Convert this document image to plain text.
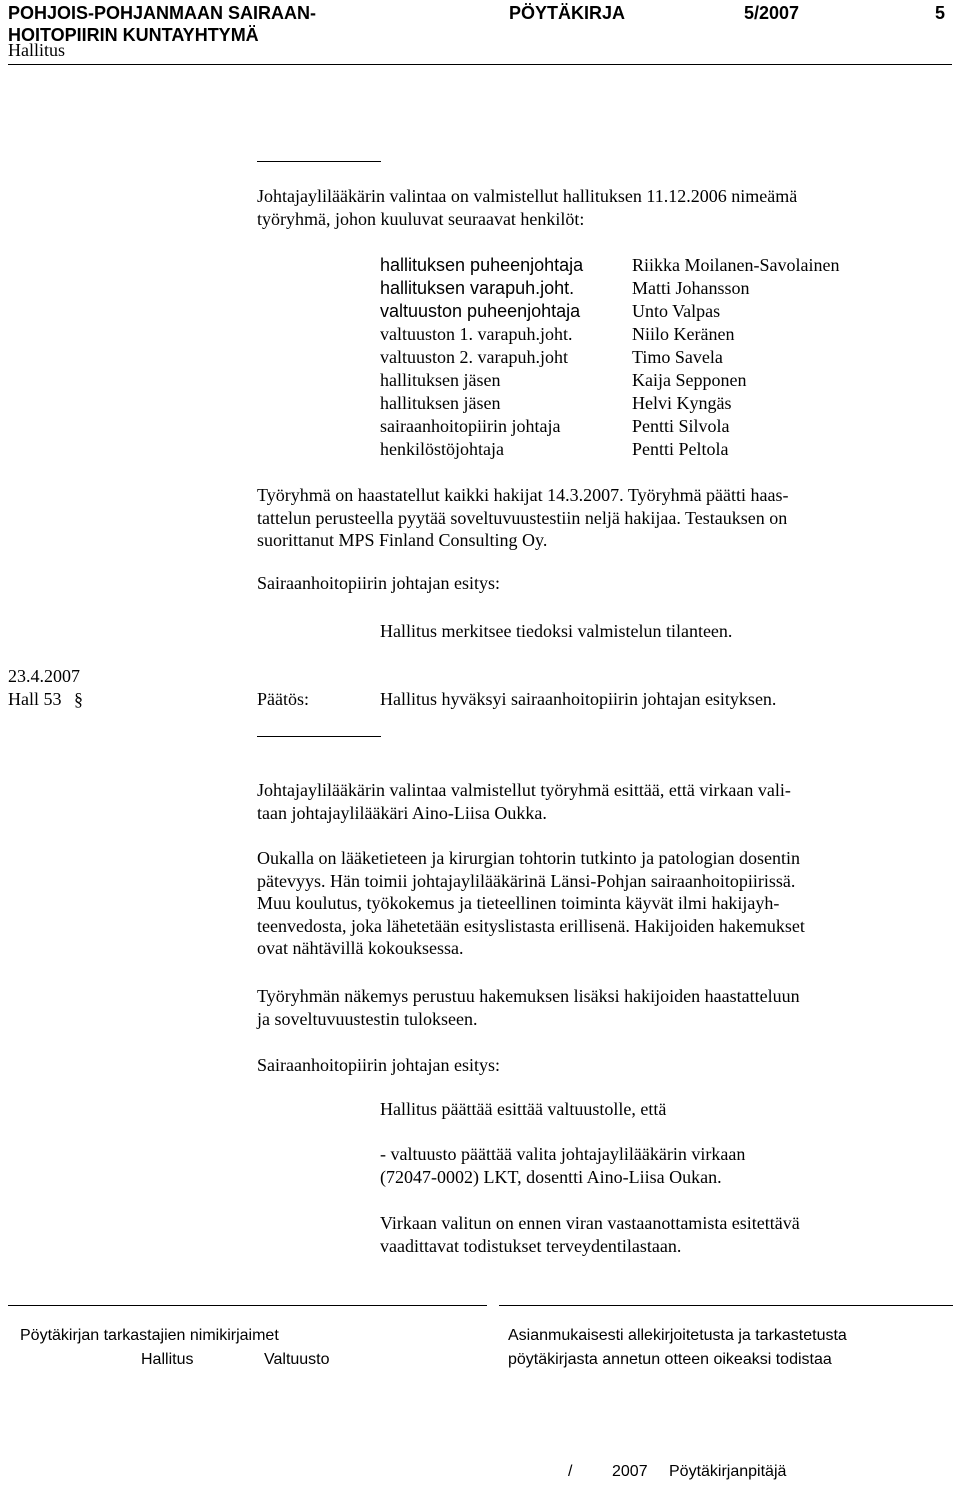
POHJOIS-POHJANMAAN SAIRAAN-
HOITOPIIRIN KUNTAYHTYMÄ
PÖYTÄKIRJA	5/2007	5
Hallitus
Johtajaylilääkärin valintaa on valmistellut hallituksen 11.12.2006 nimeämä
työryhmä, johon kuuluvat seuraavat henkilöt:
hallituksen puheenjohtaja	Riikka Moilanen-Savolainen
hallituksen varapuh.joht.	Matti Johansson
valtuuston puheenjohtaja	Unto Valpas
valtuuston 1. varapuh.joht.	Niilo Keränen
valtuuston 2. varapuh.joht	Timo Savela
hallituksen jäsen	Kaija Sepponen
hallituksen jäsen	Helvi Kyngäs
sairaanhoitopiirin johtaja	Pentti Silvola
henkilöstöjohtaja	Pentti Peltola
Työryhmä on haastatellut kaikki hakijat 14.3.2007. Työryhmä päätti haas-
tattelun perusteella pyytää soveltuvuustestiin neljä hakijaa. Testauksen on
suorittanut MPS Finland Consulting Oy.
Sairaanhoitopiirin johtajan esitys:
Hallitus merkitsee tiedoksi valmistelun tilanteen.
23.4.2007
Hall 53 §	Päätös:	Hallitus hyväksyi sairaanhoitopiirin johtajan esityksen.
Johtajaylilääkärin valintaa valmistellut työryhmä esittää, että virkaan vali-
taan johtajaylilääkäri Aino-Liisa Oukka.
Oukalla on lääketieteen ja kirurgian tohtorin tutkinto ja patologian dosentin
pätevyys. Hän toimii johtajaylilääkärinä Länsi-Pohjan sairaanhoitopiirissä.
Muu koulutus, työkokemus ja tieteellinen toiminta käyvät ilmi hakijayh-
teenvedosta, joka lähetetään esityslistasta erillisenä. Hakijoiden hakemukset
ovat nähtävillä kokouksessa.
Työryhmän näkemys perustuu hakemuksen lisäksi hakijoiden haastatteluun
ja soveltuvuustestin tulokseen.
Sairaanhoitopiirin johtajan esitys:
Hallitus päättää esittää valtuustolle, että
- valtuusto päättää valita johtajaylilääkärin virkaan
(72047-0002) LKT, dosentti Aino-Liisa Oukan.
Virkaan valitun on ennen viran vastaanottamista esitettävä
vaadittavat todistukset terveydentilastaan.
Pöytäkirjan tarkastajien nimikirjaimet
Hallitus	Valtuusto
Asianmukaisesti allekirjoitetusta ja tarkastetusta
pöytäkirjasta annetun otteen oikeaksi todistaa
/ 2007 Pöytäkirjanpitäjä
